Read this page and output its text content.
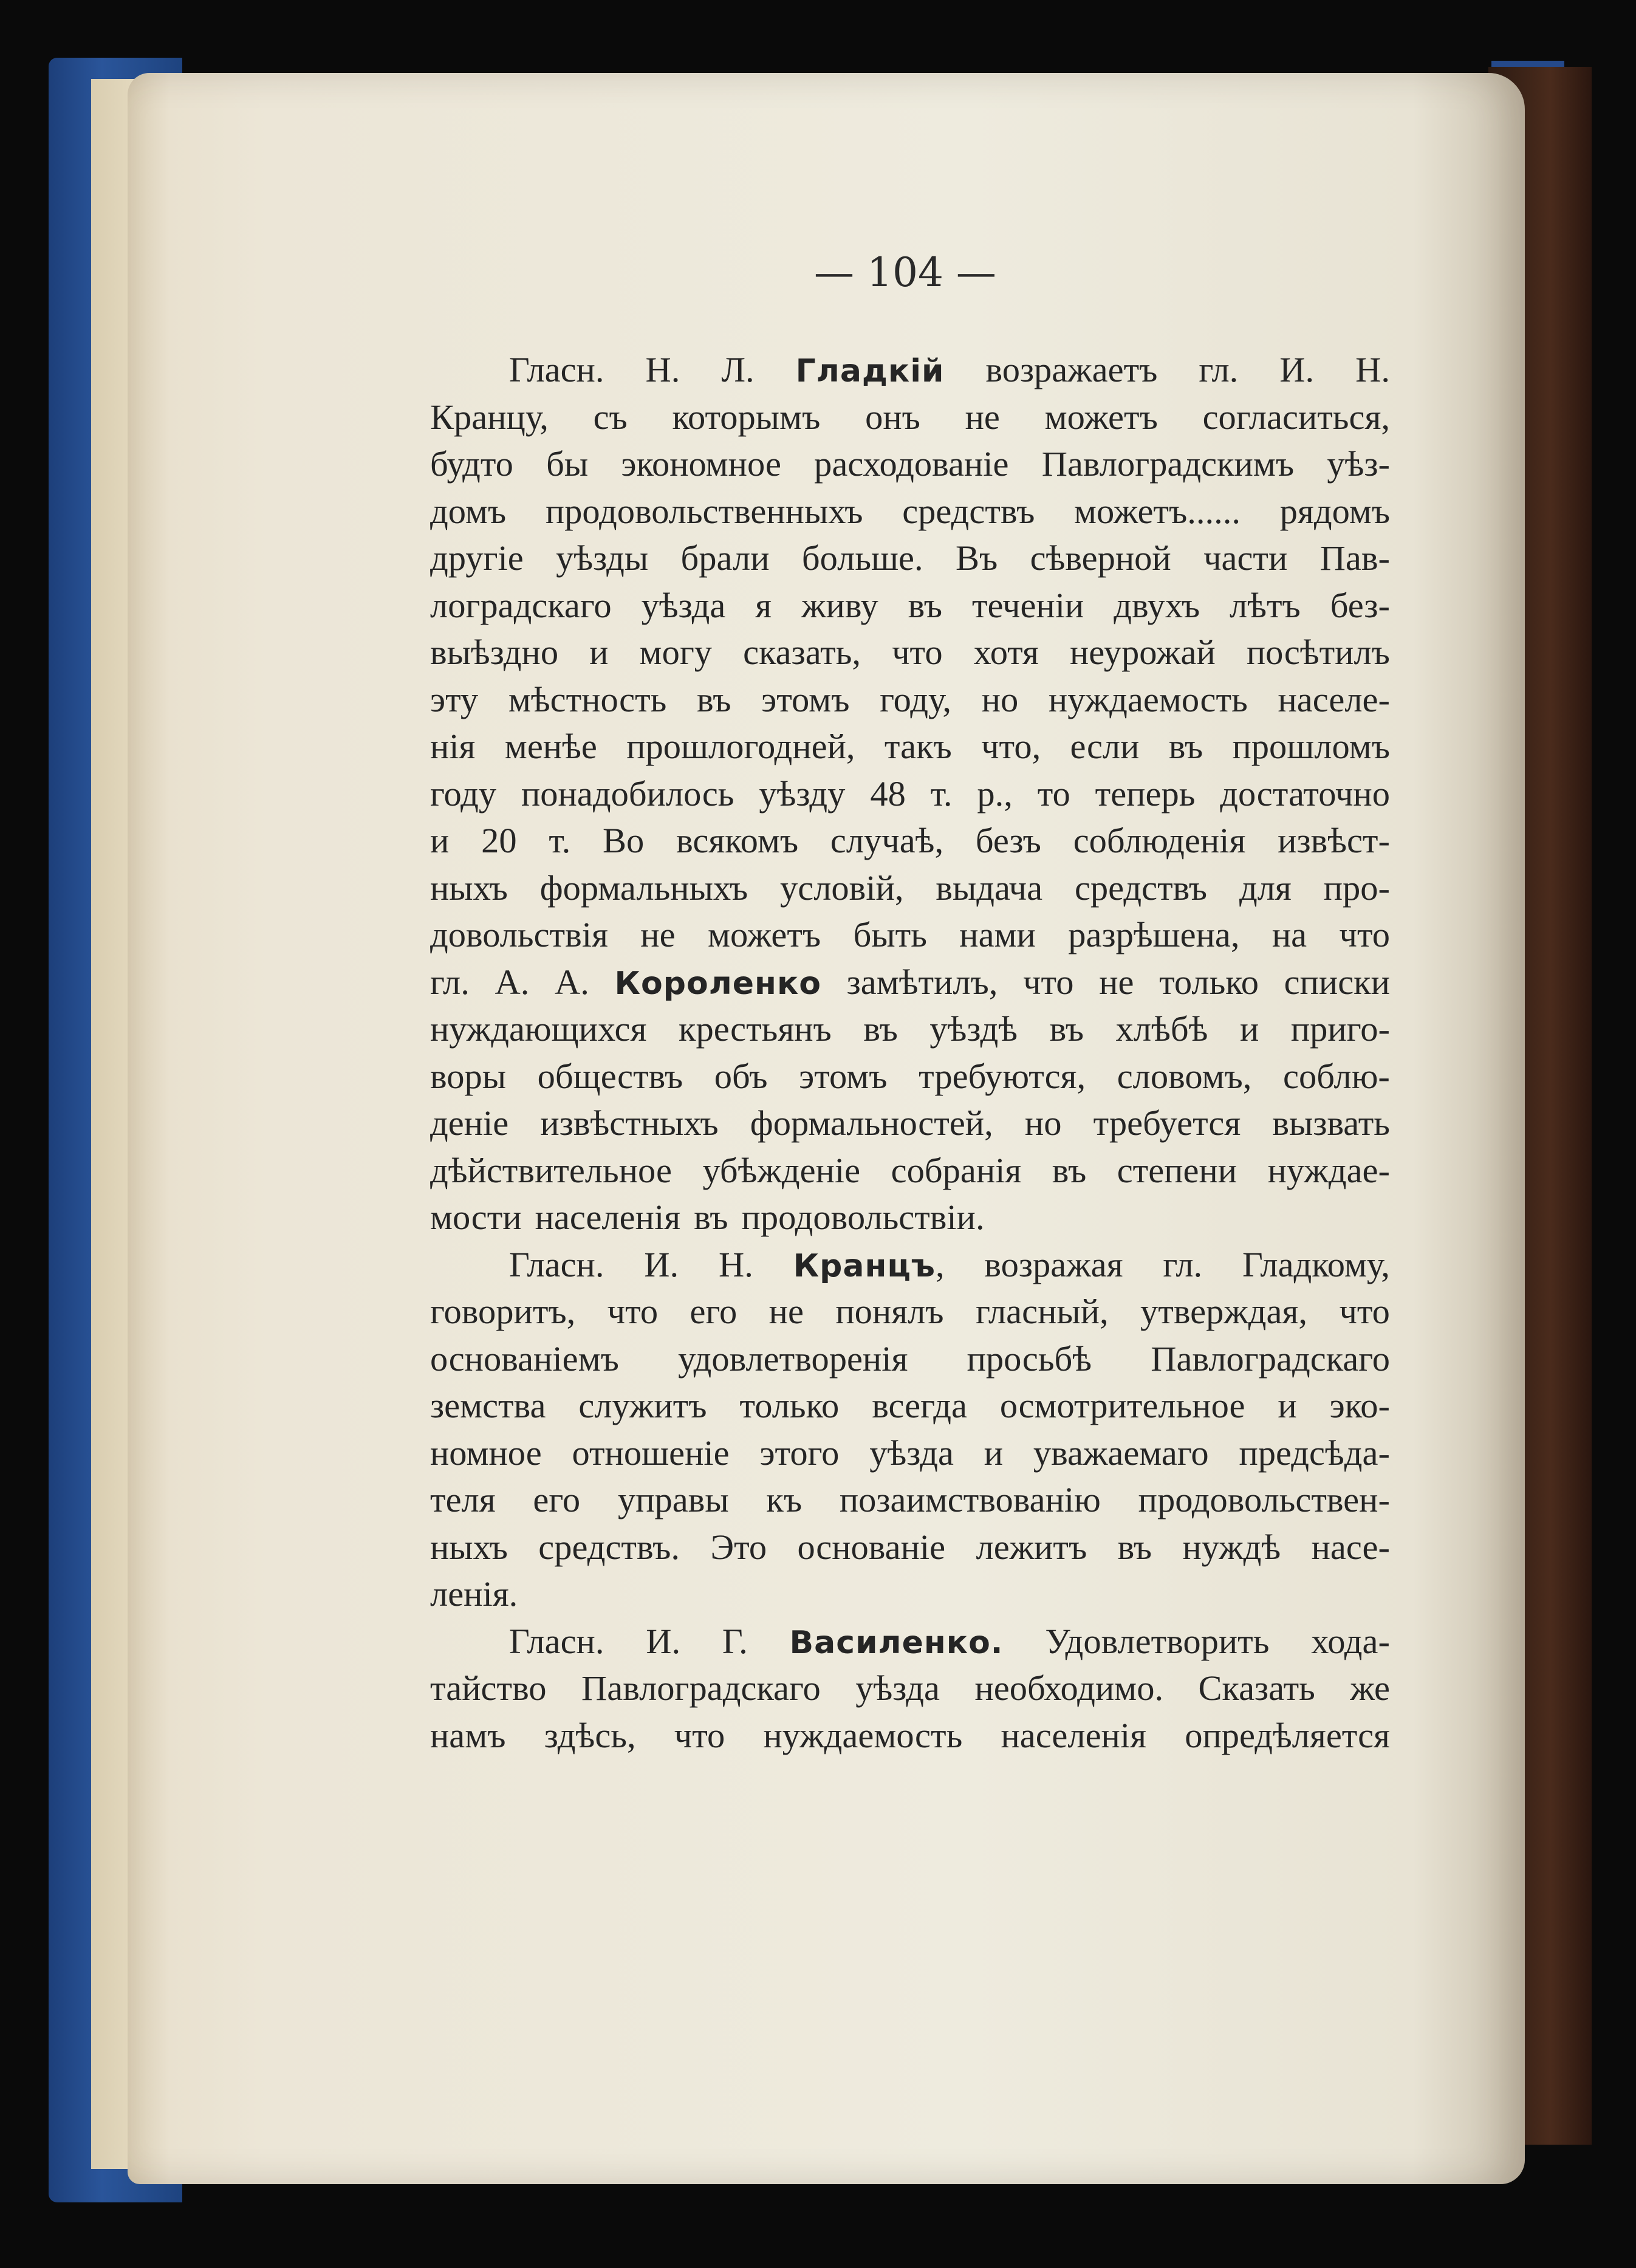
— 104 —
Гласн. Н. Л. Гладкій возражаетъ гл. И. Н.
Кранцу, съ которымъ онъ не можетъ согласиться,
будто бы экономное расходованіе Павлоградскимъ уѣз-
домъ продовольственныхъ средствъ можетъ...... рядомъ
другіе уѣзды брали больше. Въ сѣверной части Пав-
лоградскаго уѣзда я живу въ теченіи двухъ лѣтъ без-
выѣздно и могу сказать, что хотя неурожай посѣтилъ
эту мѣстность въ этомъ году, но нуждаемость населе-
нія менѣе прошлогодней, такъ что, если въ прошломъ
году понадобилось уѣзду 48 т. р., то теперь достаточно
и 20 т. Во всякомъ случаѣ, безъ соблюденія извѣст-
ныхъ формальныхъ условій, выдача средствъ для про-
довольствія не можетъ быть нами разрѣшена, на что
гл. А. А. Короленко замѣтилъ, что не только списки
нуждающихся крестьянъ въ уѣздѣ въ хлѣбѣ и приго-
воры обществъ объ этомъ требуются, словомъ, соблю-
деніе извѣстныхъ формальностей, но требуется вызвать
дѣйствительное убѣжденіе собранія въ степени нуждае-
мости населенія въ продовольствіи.
Гласн. И. Н. Кранцъ, возражая гл. Гладкому,
говоритъ, что его не понялъ гласный, утверждая, что
основаніемъ удовлетворенія просьбѣ Павлоградскаго
земства служитъ только всегда осмотрительное и эко-
номное отношеніе этого уѣзда и уважаемаго предсѣда-
теля его управы къ позаимствованію продовольствен-
ныхъ средствъ. Это основаніе лежитъ въ нуждѣ насе-
ленія.
Гласн. И. Г. Василенко. Удовлетворить хода-
тайство Павлоградскаго уѣзда необходимо. Сказать же
намъ здѣсь, что нуждаемость населенія опредѣляется
